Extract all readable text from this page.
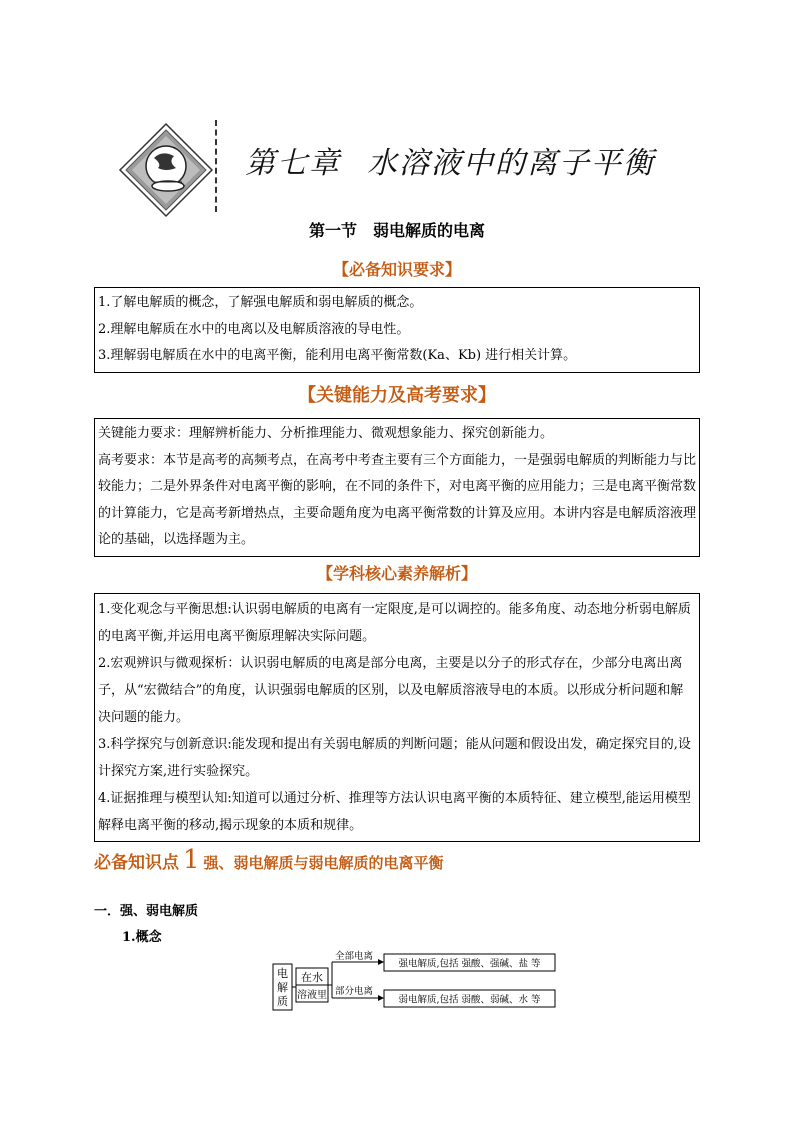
第七章 水溶液中的离子平衡
第一节　弱电解质的电离
【必备知识要求】

1.了解电解质的概念，了解强电解质和弱电解质的概念。

2.理解电解质在水中的电离以及电解质溶液的导电性。

3.理解弱电解质在水中的电离平衡，能利用电离平衡常数(Ka、Kb) 进行相关计算。

【关键能力及高考要求】

关键能力要求：理解辨析能力、分析推理能力、微观想象能力、探究创新能力。

高考要求：本节是高考的高频考点，在高考中考查主要有三个方面能力，一是强弱电解质的判断能力与比较能力；二是外界条件对电离平衡的影响，在不同的条件下，对电离平衡的应用能力；三是电离平衡常数的计算能力，它是高考新增热点，主要命题角度为电离平衡常数的计算及应用。本讲内容是电解质溶液理论的基础，以选择题为主。

【学科核心素养解析】

1.变化观念与平衡思想:认识弱电解质的电离有一定限度,是可以调控的。能多角度、动态地分析弱电解质的电离平衡,并运用电离平衡原理解决实际问题。

2.宏观辨识与微观探析：认识弱电解质的电离是部分电离，主要是以分子的形式存在，少部分电离出离子，从“宏微结合”的角度，认识强弱电解质的区别，以及电解质溶液导电的本质。以形成分析问题和解决问题的能力。

3.科学探究与创新意识:能发现和提出有关弱电解质的判断问题；能从问题和假设出发，确定探究目的,设计探究方案,进行实验探究。

4.证据推理与模型认知:知道可以通过分析、推理等方法认识电离平衡的本质特征、建立模型,能运用模型解释电离平衡的移动,揭示现象的本质和规律。

必备知识点 1 强、弱电解质与弱电解质的电离平衡
一．强、弱电解质
1.概念
电
解
质
在水
溶液里
全部电离
部分电离
强电解质,包括 强酸、强碱、盐 等
弱电解质,包括 弱酸、弱碱、水 等
